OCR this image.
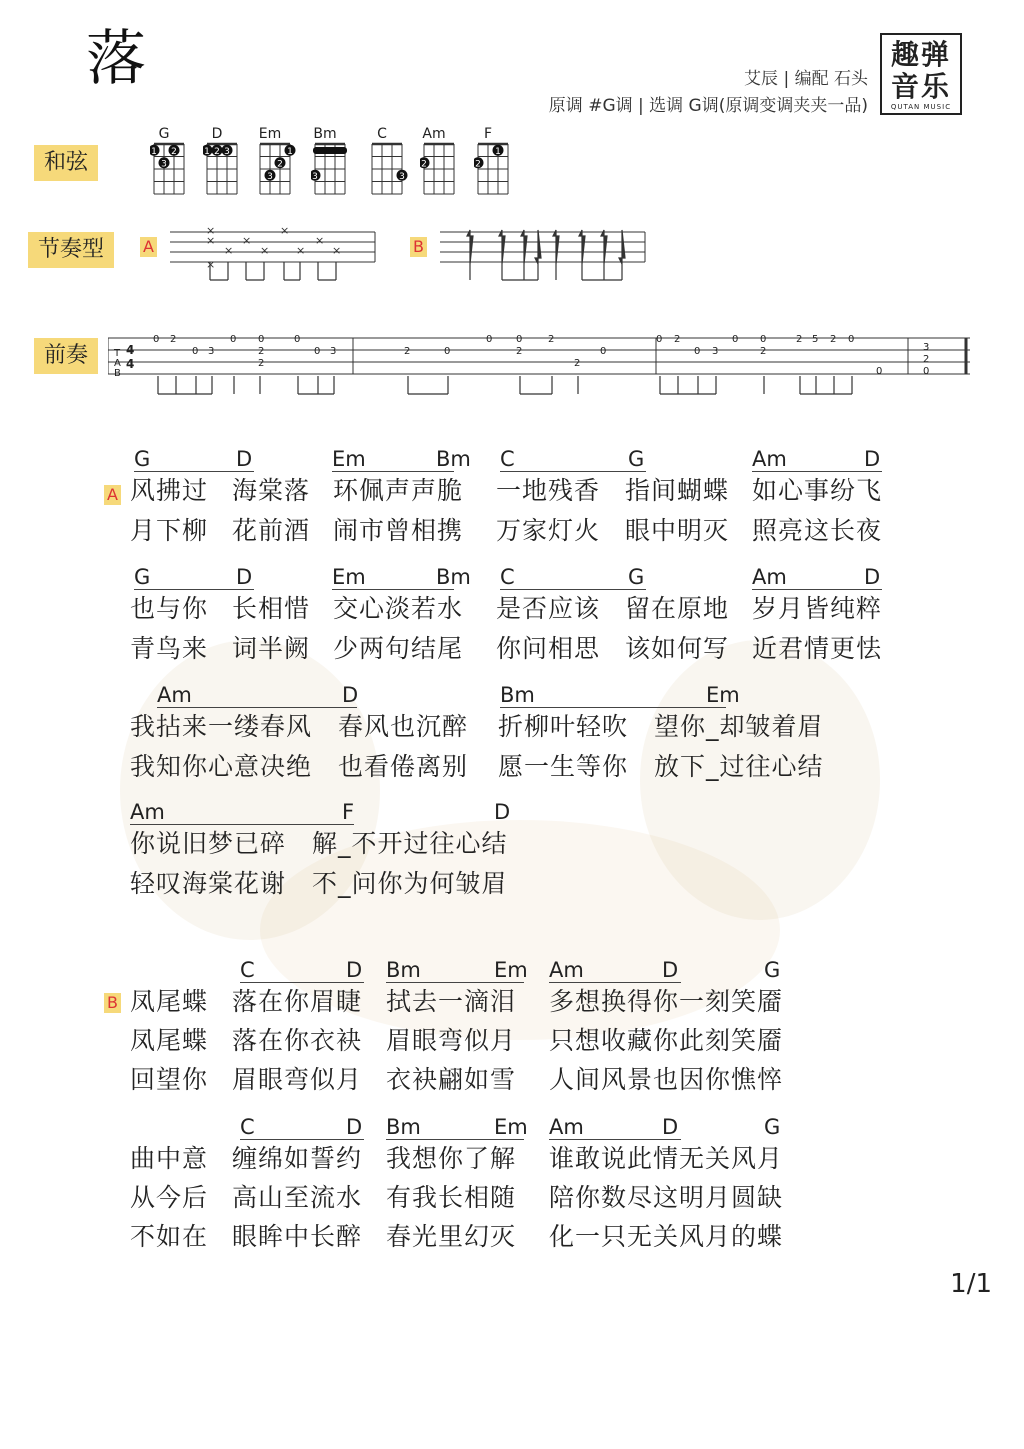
落	艾辰 | 编配 石头
原调 #G调 | 选调 G调(原调变调夹夹一品)
趣弹
音乐
QUTAN MUSIC
和弦
G
1 2
3
D
1 2 3
Em
1
2
3
Bm
3
C
3
Am
2
F
2
1
节奏型	A	B
×
×
×
×
×
×
×
×
×
×
前奏	T
A
B
4
4
0 2
0 3
0 0
2
2
0
0 3	2	0
0 0
2
2
2
0
0 2
0 3
0 0
2
2 5 2 0
0
3
2
0
A
G	D	Em	Bm C	G	Am	D
风拂过 海棠落 环佩声声脆 一地残香 指间蝴蝶 如心事纷飞
月下柳 花前酒 闹市曾相携 万家灯火 眼中明灭 照亮这长夜
G	D	Em	Bm C	G	Am	D
也与你 长相惜 交心淡若水 是否应该 留在原地 岁月皆纯粹
青鸟来 词半阙 少两句结尾 你问相思 该如何写 近君情更怯
Am	D	Bm	Em
我拈来一缕春风 春风也沉醉 折柳叶轻吹 望你_却皱着眉
我知你心意决绝 也看倦离别 愿一生等你 放下_过往心结
Am	F	D
你说旧梦已碎 解_不开过往心结
轻叹海棠花谢 不_问你为何皱眉
B
C	D Bm	Em Am	D	G
凤尾蝶 落在你眉睫 拭去一滴泪 多想换得你一刻笑靥
凤尾蝶 落在你衣袂 眉眼弯似月 只想收藏你此刻笑靥
回望你 眉眼弯似月 衣袂翩如雪 人间风景也因你憔悴
C	D Bm	Em Am	D	G
曲中意 缠绵如誓约 我想你了解 谁敢说此情无关风月
从今后 高山至流水 有我长相随 陪你数尽这明月圆缺
不如在 眼眸中长醉 春光里幻灭 化一只无关风月的蝶
1/1
